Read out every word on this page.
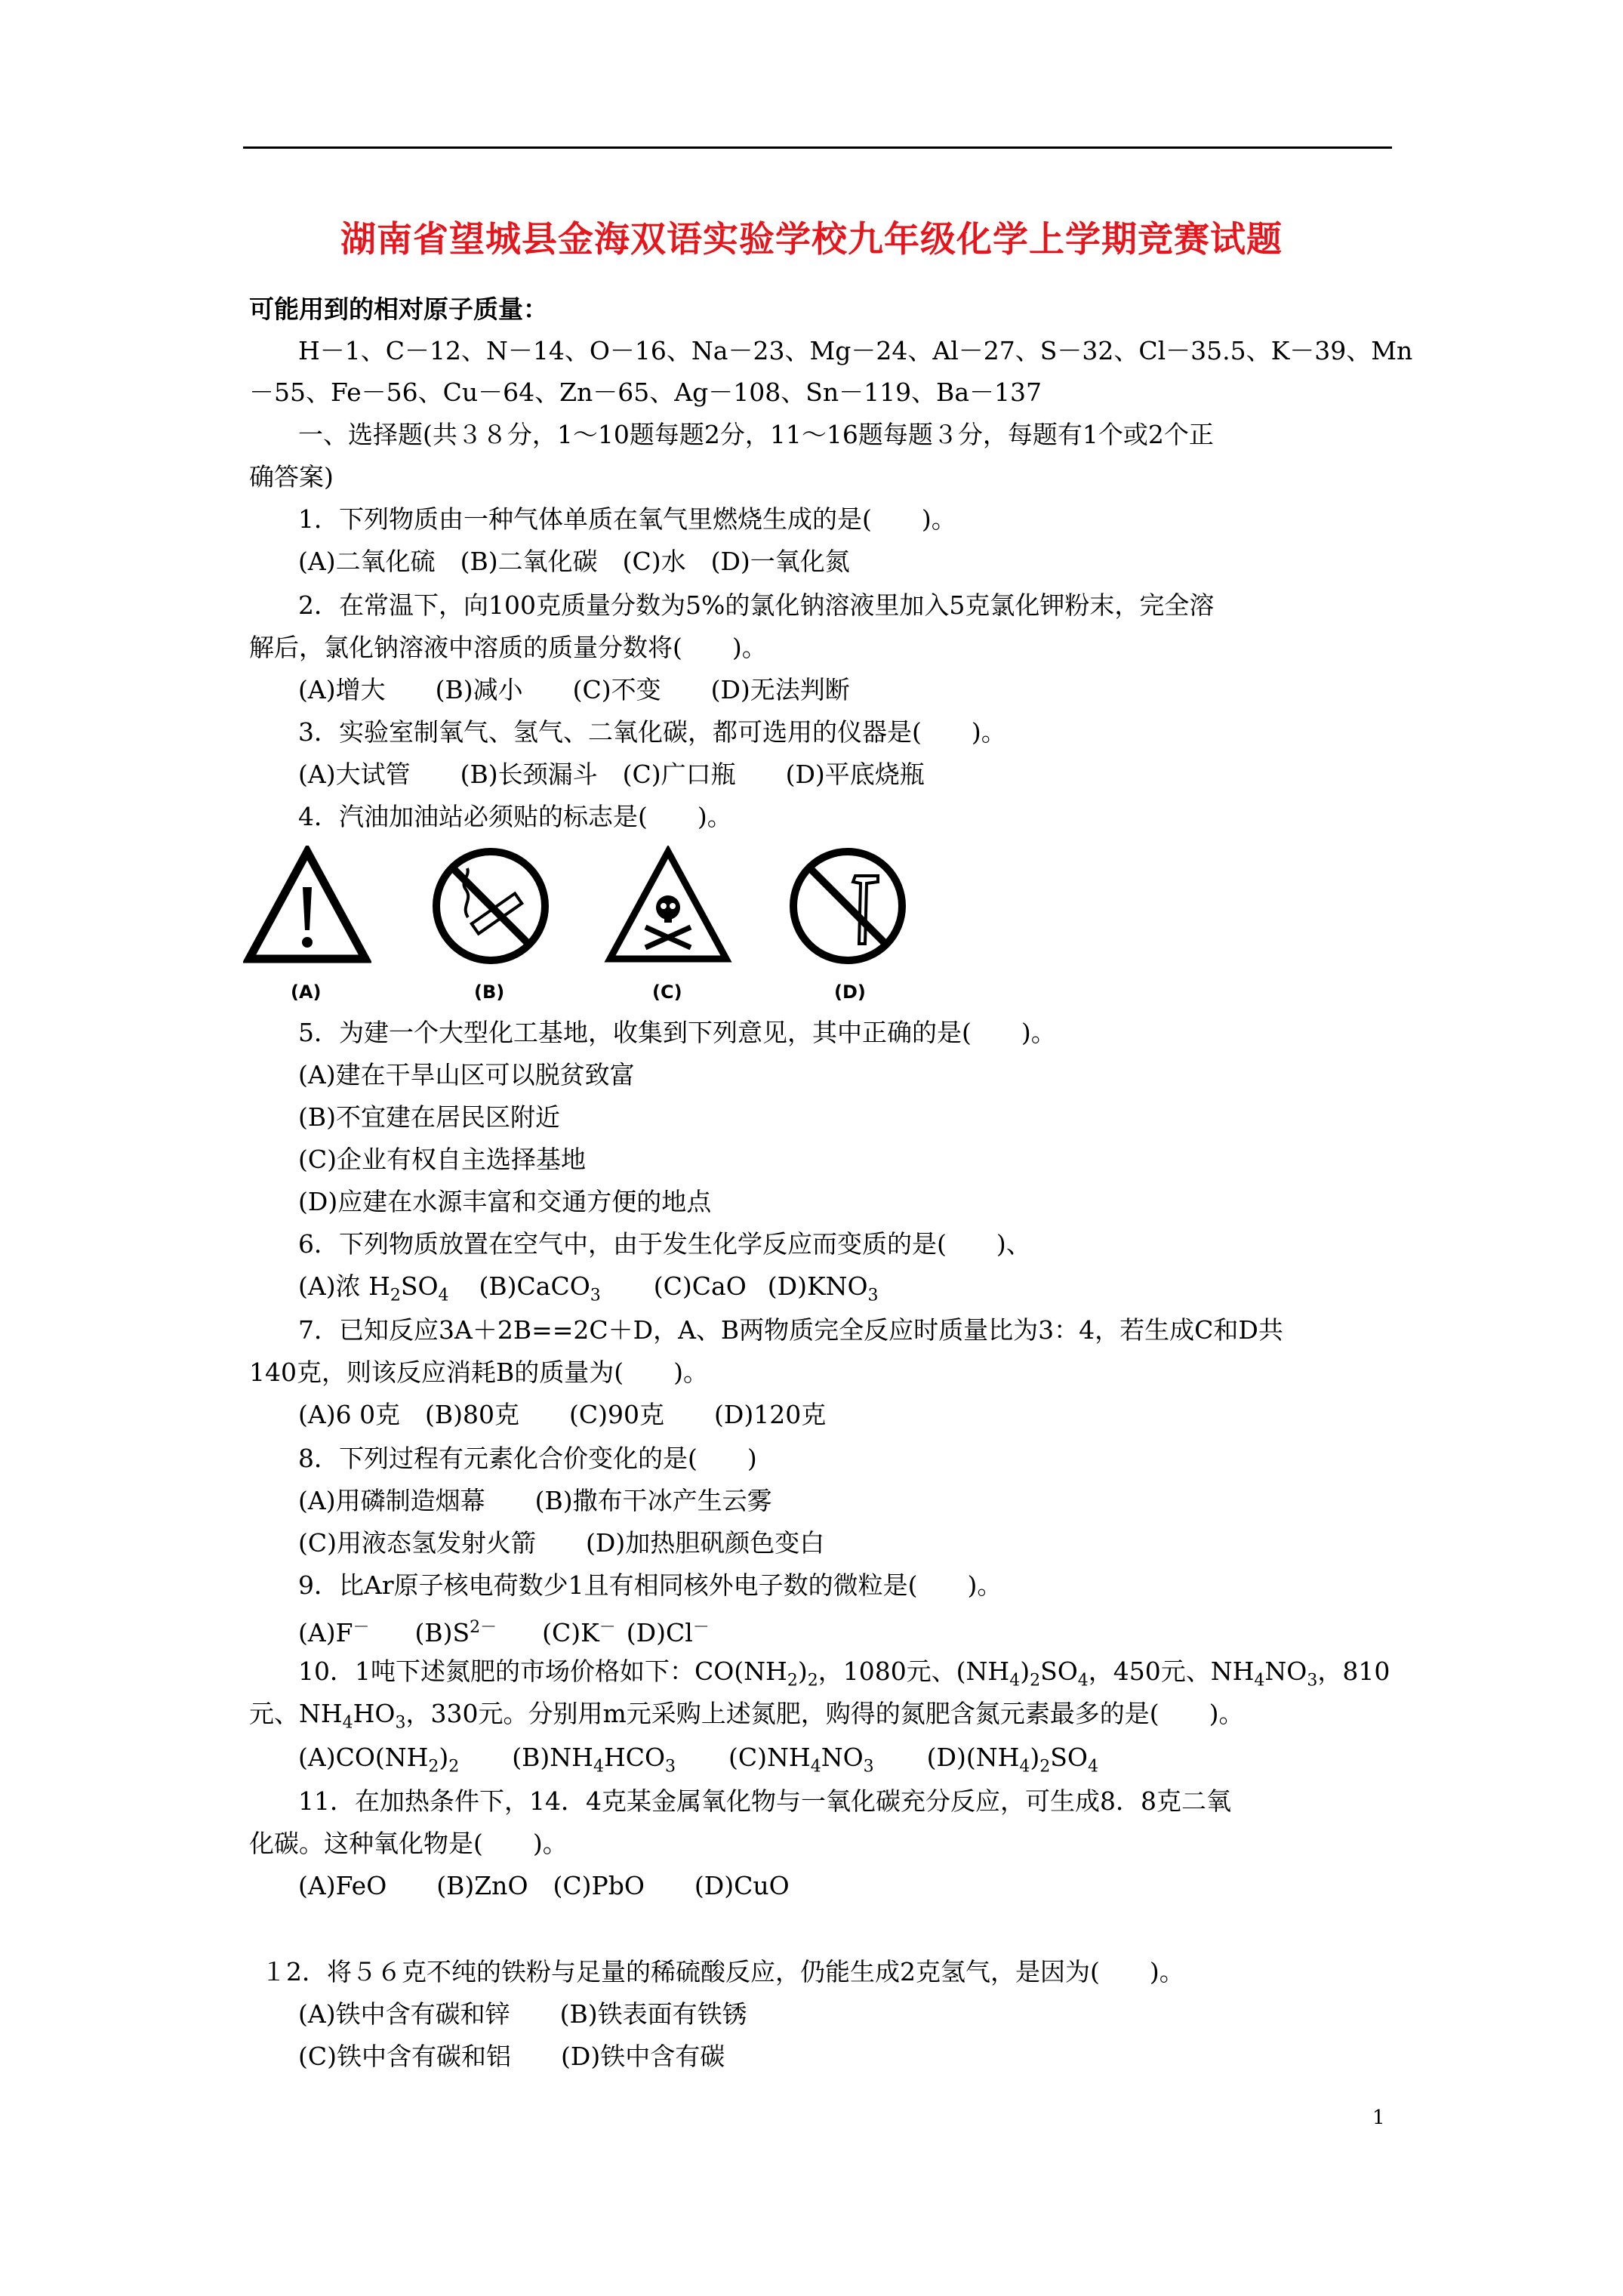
湖南省望城县金海双语实验学校九年级化学上学期竞赛试题
可能用到的相对原子质量：
H－1、C－12、N－14、O－16、Na－23、Mg－24、Al－27、S－32、Cl－35.5、K－39、Mn
－55、Fe－56、Cu－64、Zn－65、Ag－108、Sn－119、Ba－137
一、选择题(共３８分，1～10题每题2分，11～16题每题３分，每题有1个或2个正
确答案)
1．下列物质由一种气体单质在氧气里燃烧生成的是(　　)。
(A)二氧化硫　(B)二氧化碳　(C)水　(D)一氧化氮
2．在常温下，向100克质量分数为5%的氯化钠溶液里加入5克氯化钾粉末，完全溶
解后，氯化钠溶液中溶质的质量分数将(　　)。
(A)增大　　(B)减小　　(C)不变　　(D)无法判断
3．实验室制氧气、氢气、二氧化碳，都可选用的仪器是(　　)。
(A)大试管　　(B)长颈漏斗　(C)广口瓶　　(D)平底烧瓶
4．汽油加油站必须贴的标志是(　　)。
(A)	(B)	(C)	(D)
5．为建一个大型化工基地，收集到下列意见，其中正确的是(　　)。
(A)建在干旱山区可以脱贫致富
(B)不宜建在居民区附近
(C)企业有权自主选择基地
(D)应建在水源丰富和交通方便的地点
6．下列物质放置在空气中，由于发生化学反应而变质的是(　　)、
(A)浓 $H_2SO_4$ (B)CaCO$_3$ (C)CaO $(D)KNO_3$
7．已知反应3A＋2B==2C＋D，A、B两物质完全反应时质量比为3：4，若生成C和D共
140克，则该反应消耗B的质量为(　　)。
(A)6 0克　(B)80克　　(C)90克　　(D)120克
8．下列过程有元素化合价变化的是(　　)
(A)用磷制造烟幕　　(B)撒布干冰产生云雾
(C)用液态氢发射火箭　　(D)加热胆矾颜色变白
9．比Ar原子核电荷数少1且有相同核外电子数的微粒是(　　)。
(A)F－ $(B)S^{2-}$ (C)K－ (D)Cl－
10．1吨下述氮肥的市场价格如下：$CO(NH_2)_2$，1080元、$(NH_4)_2SO_4$，450元、$NH_4NO_3$，810
元、$NH_4HO_3$，330元。分别用m元采购上述氮肥，购得的氮肥含氮元素最多的是(　　)。
$(A)CO(NH_2)_2$ $(B)NH_4HCO_3$ $(C)NH_4NO_3$ $(D)(NH_4)_2SO_4$
11．在加热条件下，14．4克某金属氧化物与一氧化碳充分反应，可生成8．8克二氧
化碳。这种氧化物是(　　)。
(A)FeO　　(B)ZnO　(C)PbO　　(D)CuO
１2．将５６克不纯的铁粉与足量的稀硫酸反应，仍能生成2克氢气，是因为(　　)。
(A)铁中含有碳和锌　　(B)铁表面有铁锈
(C)铁中含有碳和铝　　(D)铁中含有碳
1
